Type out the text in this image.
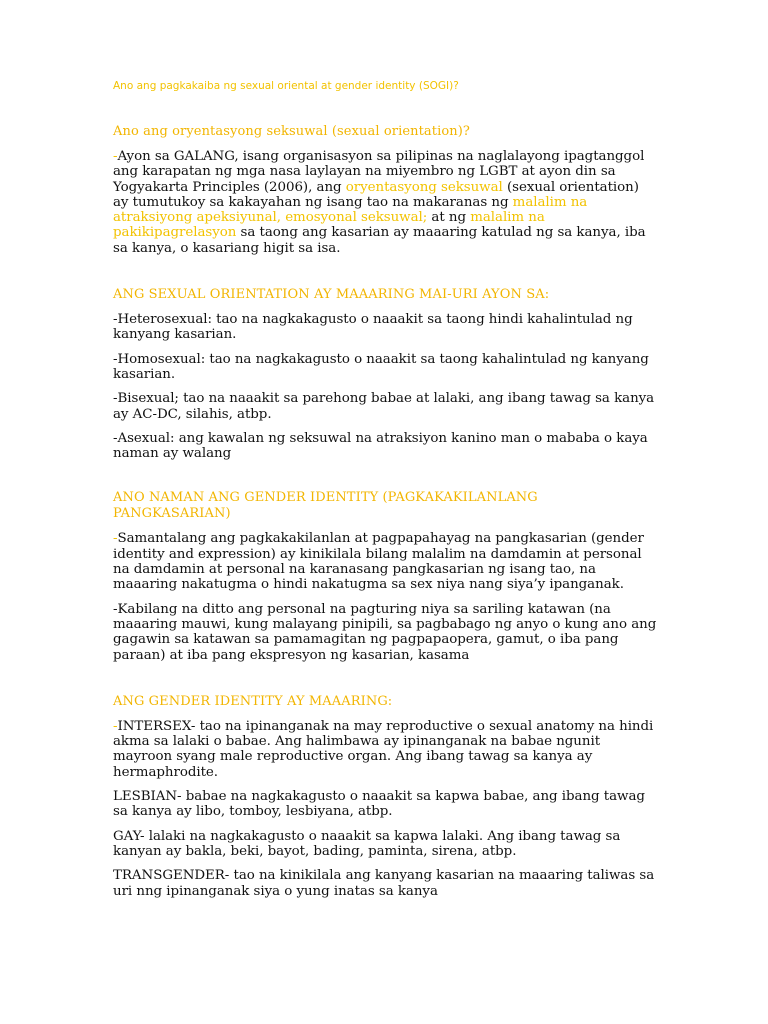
Ano ang pagkakaiba ng sexual oriental at gender identity (SOGI)?
Ano ang oryentasyong seksuwal (sexual orientation)?

-Ayon sa GALANG, isang organisasyon sa pilipinas na naglalayong ipagtanggol ang karapatan ng mga nasa laylayan na miyembro ng LGBT at ayon din sa Yogyakarta Principles (2006), ang oryentasyong seksuwal (sexual orientation) ay tumutukoy sa kakayahan ng isang tao na makaranas ng malalim na atraksiyong apeksiyunal, emosyonal seksuwal; at ng malalim na pakikipagrelasyon sa taong ang kasarian ay maaaring katulad ng sa kanya, iba sa kanya, o kasariang higit sa isa.

ANG SEXUAL ORIENTATION AY MAAARING MAI-URI AYON SA:

-Heterosexual: tao na nagkakagusto o naaakit sa taong hindi kahalintulad ng kanyang kasarian.

-Homosexual: tao na nagkakagusto o naaakit sa taong kahalintulad ng kanyang kasarian.

-Bisexual; tao na naaakit sa parehong babae at lalaki, ang ibang tawag sa kanya ay AC-DC, silahis, atbp.

-Asexual: ang kawalan ng seksuwal na atraksiyon kanino man o mababa o kaya naman ay walang

ANO NAMAN ANG GENDER IDENTITY (PAGKAKAKILANLANG PANGKASARIAN)

-Samantalang ang pagkakakilanlan at pagpapahayag na pangkasarian (gender identity and expression) ay kinikilala bilang malalim na damdamin at personal na damdamin at personal na karanasang pangkasarian ng isang tao, na maaaring nakatugma o hindi nakatugma sa sex niya nang siya’y ipanganak.

-Kabilang na ditto ang personal na pagturing niya sa sariling katawan (na maaaring mauwi, kung malayang pinipili, sa pagbabago ng anyo o kung ano ang gagawin sa katawan sa pamamagitan ng pagpapaopera, gamut, o iba pang paraan) at iba pang ekspresyon ng kasarian, kasama

ANG GENDER IDENTITY AY MAAARING:

-INTERSEX- tao na ipinanganak na may reproductive o sexual anatomy na hindi akma sa lalaki o babae. Ang halimbawa ay ipinanganak na babae ngunit mayroon syang male reproductive organ. Ang ibang tawag sa kanya ay hermaphrodite.

LESBIAN- babae na nagkakagusto o naaakit sa kapwa babae, ang ibang tawag sa kanya ay libo, tomboy, lesbiyana, atbp.

GAY- lalaki na nagkakagusto o naaakit sa kapwa lalaki. Ang ibang tawag sa kanyan ay bakla, beki, bayot, bading, paminta, sirena, atbp.

TRANSGENDER- tao na kinikilala ang kanyang kasarian na maaaring taliwas sa uri nng ipinanganak siya o yung inatas sa kanya
